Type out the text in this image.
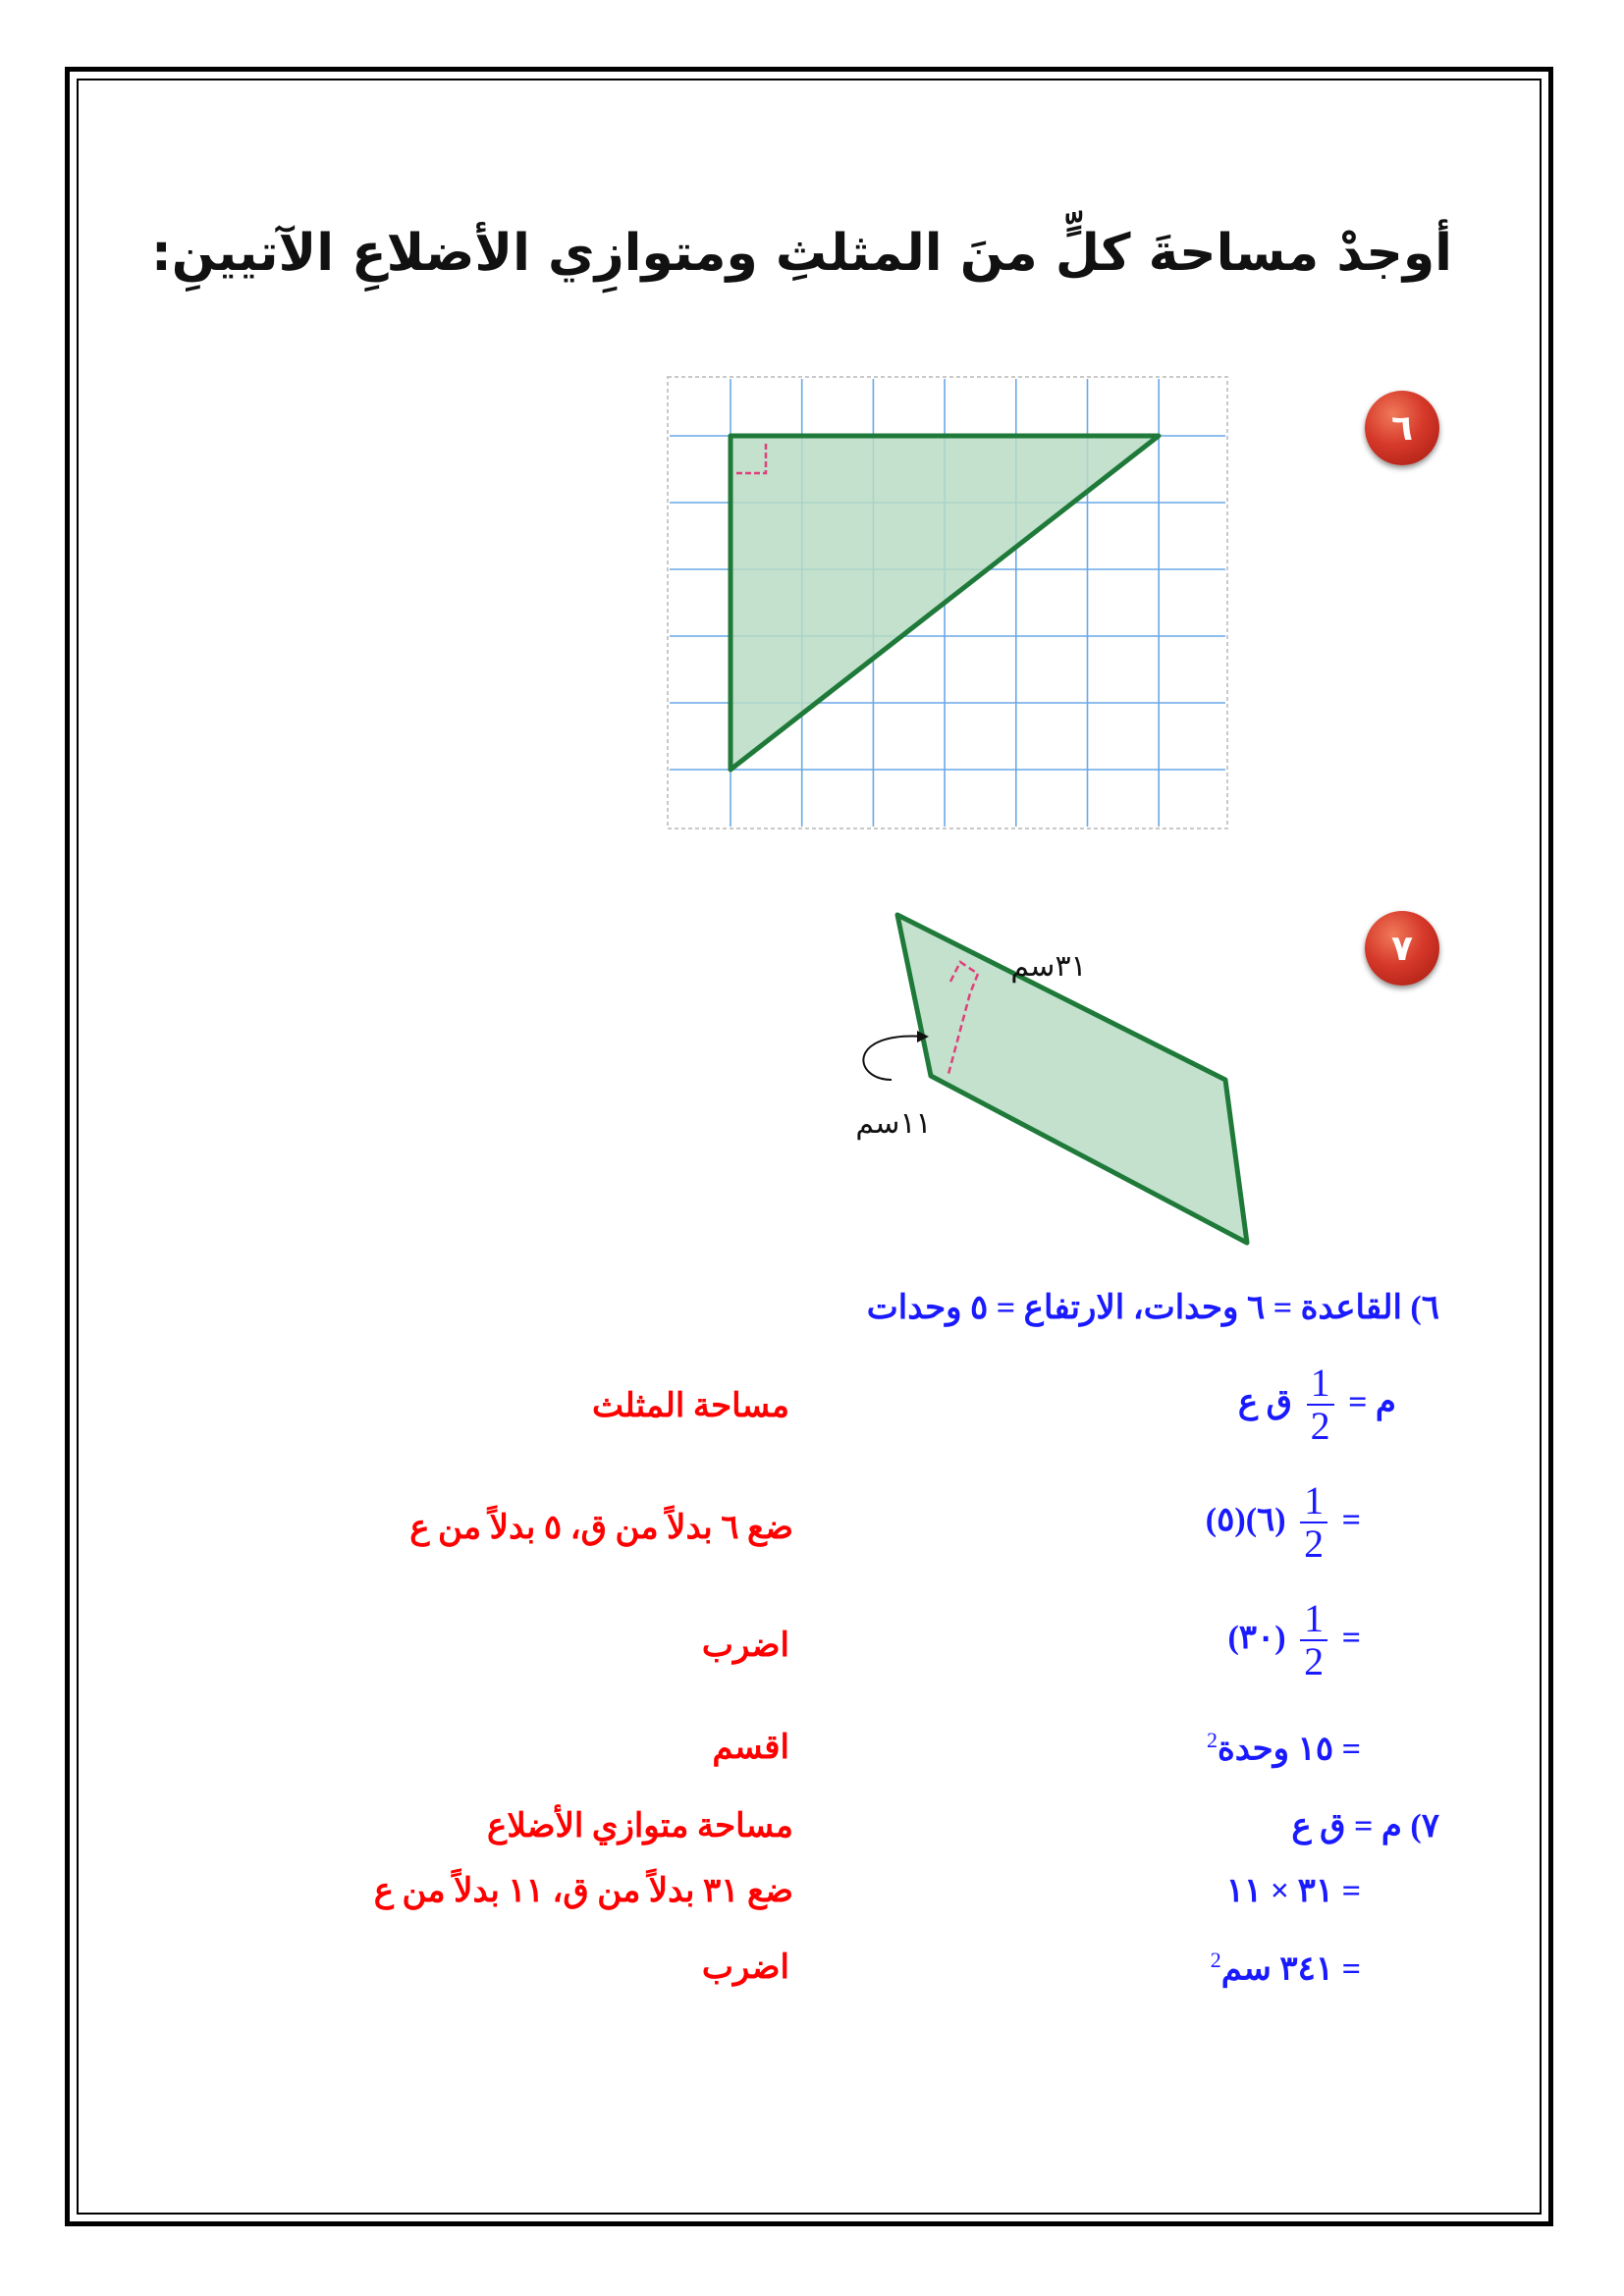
أوجدْ مساحةَ كلٍّ منَ المثلثِ ومتوازِي الأضلاعِ الآتيينِ:
٦
٧
٣١سم
١١سم
٦) القاعدة = ٦ وحدات، الارتفاع = ٥ وحدات
م =
$\frac{1}{2}$
ق ع
مساحة المثلث
=
$\frac{1}{2}$
(٦)(٥)
ضع ٦ بدلاً من ق، ٥ بدلاً من ع
=
$\frac{1}{2}$
(٣٠)
اضرب
= ١٥ وحدة$^2$
اقسم
٧) م = ق ع
مساحة متوازي الأضلاع
= ٣١ × ١١
ضع ٣١ بدلاً من ق، ١١ بدلاً من ع
= ٣٤١ سم$^2$
اضرب
